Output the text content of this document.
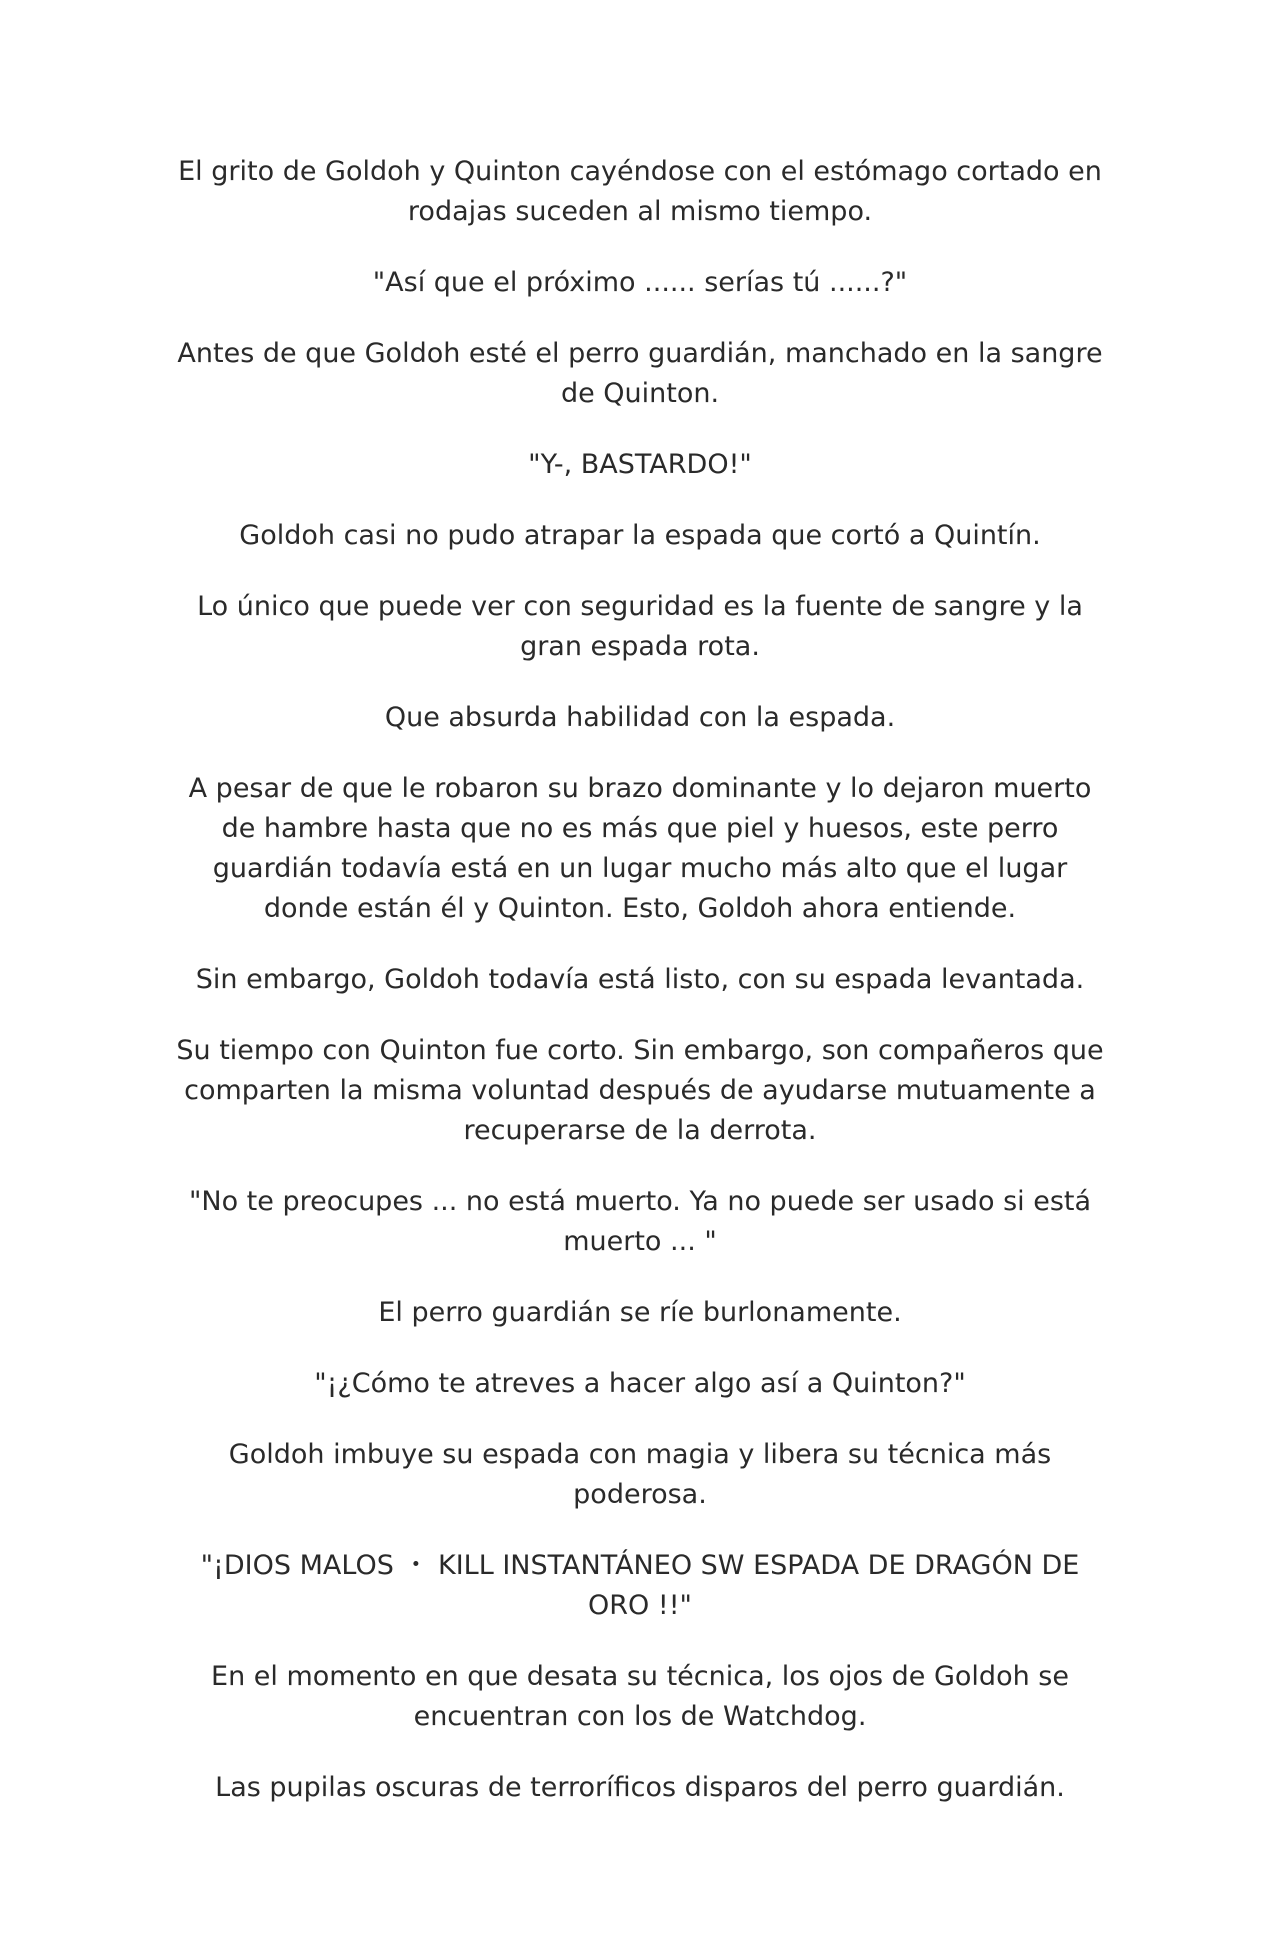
El grito de Goldoh y Quinton cayéndose con el estómago cortado en rodajas suceden al mismo tiempo.

"Así que el próximo ...... serías tú ......?"

Antes de que Goldoh esté el perro guardián, manchado en la sangre de Quinton.

"Y-, BASTARDO!"

Goldoh casi no pudo atrapar la espada que cortó a Quintín.

Lo único que puede ver con seguridad es la fuente de sangre y la gran espada rota.

Que absurda habilidad con la espada.

A pesar de que le robaron su brazo dominante y lo dejaron muerto de hambre hasta que no es más que piel y huesos, este perro guardián todavía está en un lugar mucho más alto que el lugar donde están él y Quinton. Esto, Goldoh ahora entiende.

Sin embargo, Goldoh todavía está listo, con su espada levantada.

Su tiempo con Quinton fue corto. Sin embargo, son compañeros que comparten la misma voluntad después de ayudarse mutuamente a recuperarse de la derrota.

"No te preocupes ... no está muerto. Ya no puede ser usado si está muerto ... "

El perro guardián se ríe burlonamente.

"¡¿Cómo te atreves a hacer algo así a Quinton?"

Goldoh imbuye su espada con magia y libera su técnica más poderosa.

"¡DIOS MALOS ・ KILL INSTANTÁNEO SW ESPADA DE DRAGÓN DE ORO !!"

En el momento en que desata su técnica, los ojos de Goldoh se encuentran con los de Watchdog.

Las pupilas oscuras de terroríficos disparos del perro guardián.
